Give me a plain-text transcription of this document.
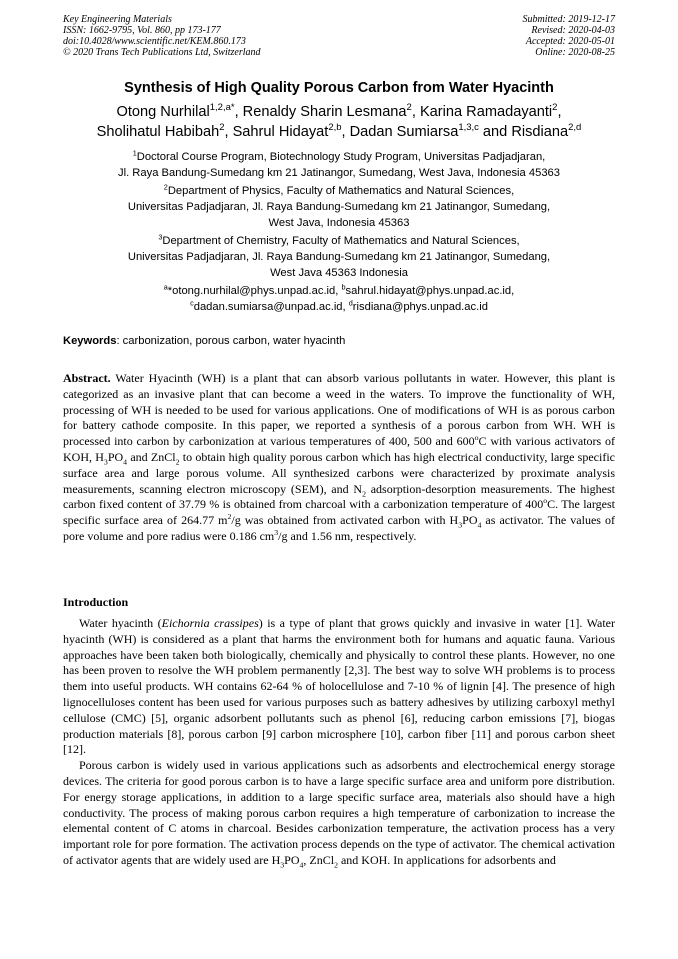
Key Engineering Materials
ISSN: 1662-9795, Vol. 860, pp 173-177
doi:10.4028/www.scientific.net/KEM.860.173
© 2020 Trans Tech Publications Ltd, Switzerland
Submitted: 2019-12-17
Revised: 2020-04-03
Accepted: 2020-05-01
Online: 2020-08-25
Synthesis of High Quality Porous Carbon from Water Hyacinth
Otong Nurhilal$^{1,2,a*}$, Renaldy Sharin Lesmana$^2$, Karina Ramadayanti$^2$,
Sholihatul Habibah$^2$, Sahrul Hidayat$^{2,b}$, Dadan Sumiarsa$^{1,3,c}$ and Risdiana$^{2,d}$
$^1$Doctoral Course Program, Biotechnology Study Program, Universitas Padjadjaran,
Jl. Raya Bandung-Sumedang km 21 Jatinangor, Sumedang, West Java, Indonesia 45363
$^2$Department of Physics, Faculty of Mathematics and Natural Sciences,
Universitas Padjadjaran, Jl. Raya Bandung-Sumedang km 21 Jatinangor, Sumedang,
West Java, Indonesia 45363
$^3$Department of Chemistry, Faculty of Mathematics and Natural Sciences,
Universitas Padjadjaran, Jl. Raya Bandung-Sumedang km 21 Jatinangor, Sumedang,
West Java 45363 Indonesia
$^a$*otong.nurhilal@phys.unpad.ac.id, $^b$sahrul.hidayat@phys.unpad.ac.id,
$^c$dadan.sumiarsa@unpad.ac.id, $^d$risdiana@phys.unpad.ac.id
Keywords: carbonization, porous carbon, water hyacinth
Abstract. Water Hyacinth (WH) is a plant that can absorb various pollutants in water. However, this plant is categorized as an invasive plant that can become a weed in the waters. To improve the functionality of WH, processing of WH is needed to be used for various applications. One of modifications of WH is as porous carbon for battery cathode composite. In this paper, we reported a synthesis of a porous carbon from WH. WH is processed into carbon by carbonization at various temperatures of 400, 500 and 600$^o$C with various activators of KOH, $H_3PO_4$ and ZnCl$_2$ to obtain high quality porous carbon which has high electrical conductivity, large specific surface area and large porous volume. All synthesized carbons were characterized by proximate analysis measurements, scanning electron microscopy (SEM), and $N_2$ adsorption-desorption measurements. The highest carbon fixed content of 37.79 % is obtained from charcoal with a carbonization temperature of 400$^o$C. The largest specific surface area of 264.77 $m^2/g$ was obtained from activated carbon with $H_3PO_4$ as activator. The values of pore volume and pore radius were 0.186 $cm^3/g$ and 1.56 nm, respectively.
Introduction

Water hyacinth (Eichornia crassipes) is a type of plant that grows quickly and invasive in water [1]. Water hyacinth (WH) is considered as a plant that harms the environment both for humans and aquatic fauna. Various approaches have been taken both biologically, chemically and physically to control these plants. However, no one has been proven to resolve the WH problem permanently [2,3]. The best way to solve WH problems is to process them into useful products. WH contains 62-64 % of holocellulose and 7-10 % of lignin [4]. The presence of high lignocelluloses content has been used for various purposes such as battery adhesives by utilizing carboxyl methyl cellulose (CMC) [5], organic adsorbent pollutants such as phenol [6], reducing carbon emissions [7], biogas production materials [8], porous carbon [9] carbon microsphere [10], carbon fiber [11] and porous carbon sheet [12].

Porous carbon is widely used in various applications such as adsorbents and electrochemical energy storage devices. The criteria for good porous carbon is to have a large specific surface area and uniform pore distribution. For energy storage applications, in addition to a large specific surface area, materials also should have a high conductivity. The process of making porous carbon requires a high temperature of carbonization to increase the elemental content of C atoms in charcoal. Besides carbonization temperature, the activation process has a very important role for pore formation. The activation process depends on the type of activator. The chemical activation of activator agents that are widely used are $H_3PO_4$, ZnCl$_2$ and KOH. In applications for adsorbents and
